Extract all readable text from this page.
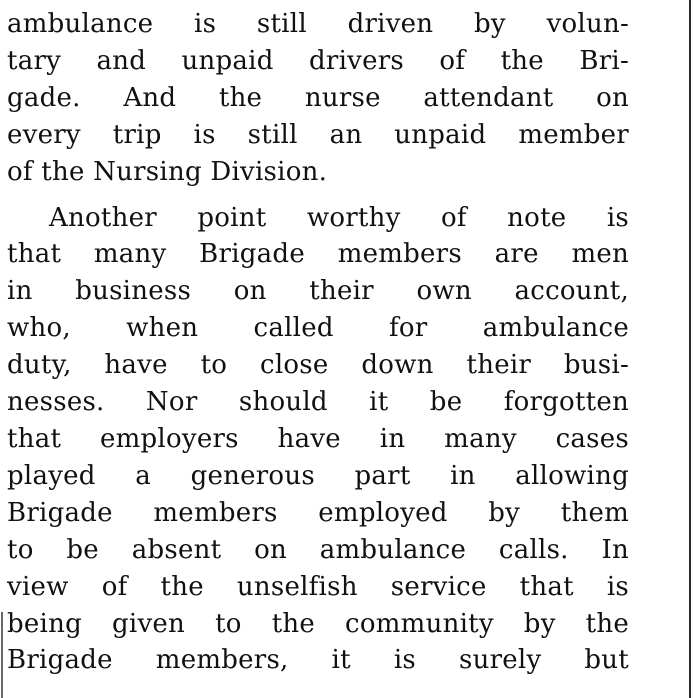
ambulance is still driven by volun-
tary and unpaid drivers of the Bri-
gade. And the nurse attendant on
every trip is still an unpaid member
of the Nursing Division.

Another point worthy of note is
that many Brigade members are men
in business on their own account,
who, when called for ambulance
duty, have to close down their busi-
nesses. Nor should it be forgotten
that employers have in many cases
played a generous part in allowing
Brigade members employed by them
to be absent on ambulance calls. In
view of the unselfish service that is
being given to the community by the
Brigade members, it is surely but
